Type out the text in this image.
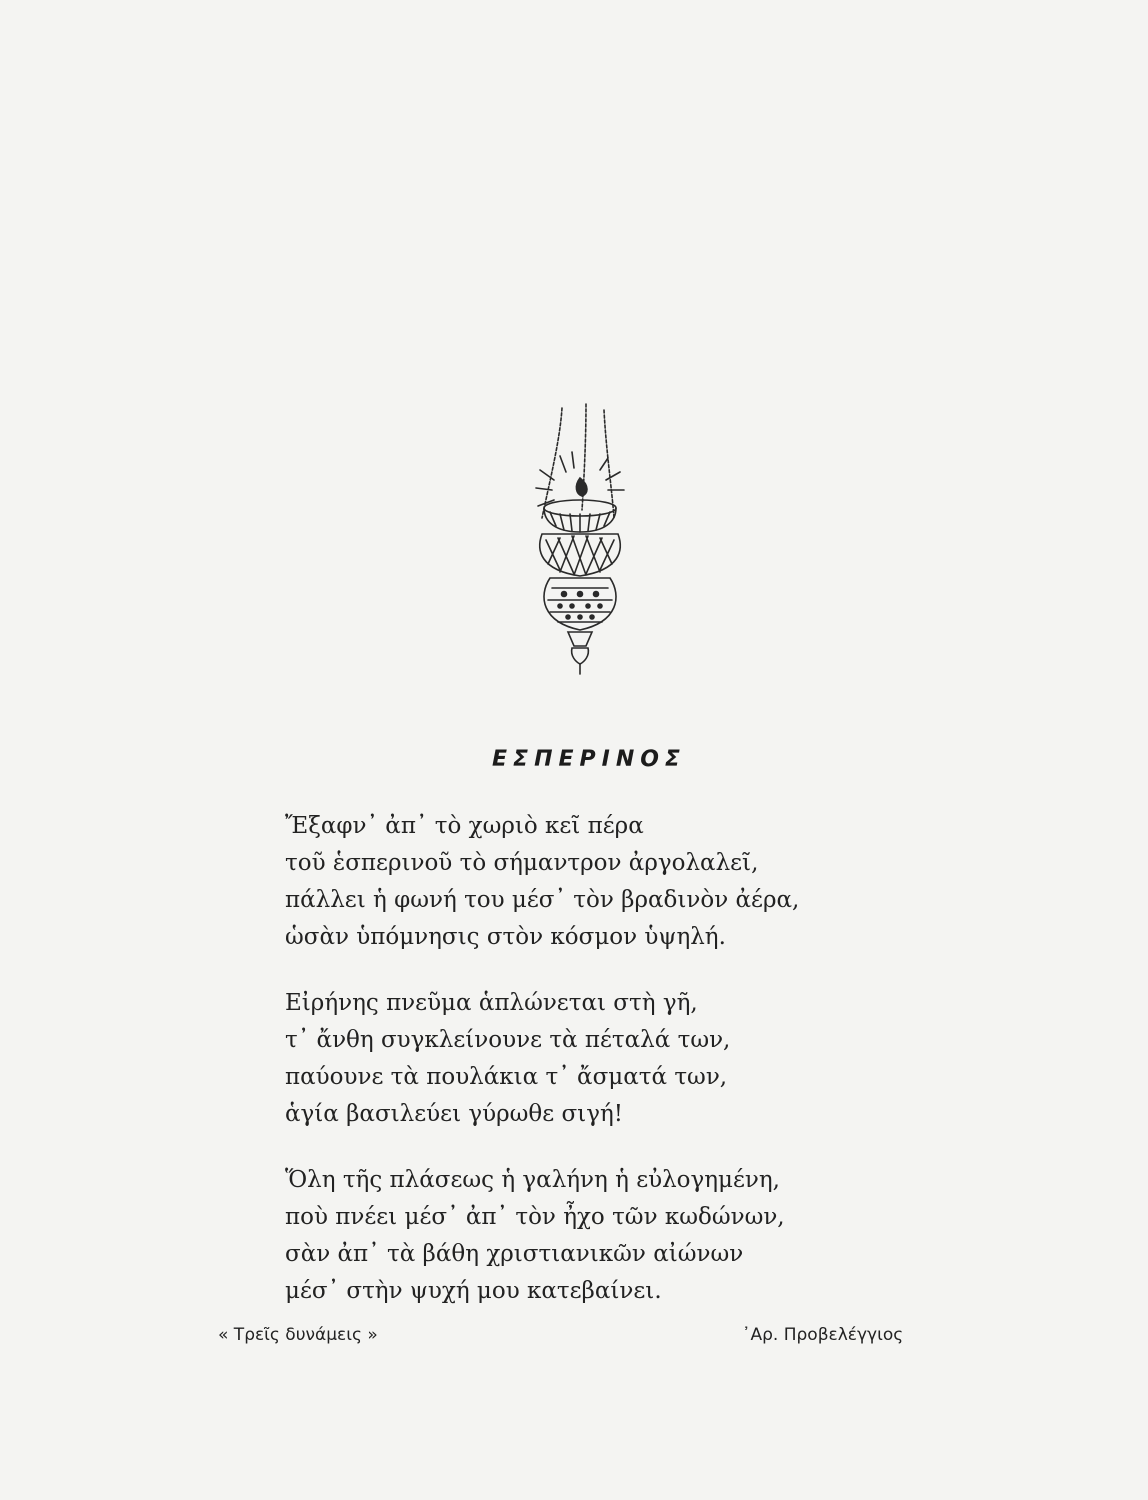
ΕΣΠΕΡΙΝΟΣ
Ἔξαφν᾽ ἀπ᾽ τὸ χωριὸ κεῖ πέρα
τοῦ ἑσπερινοῦ τὸ σήμαντρον ἀργολαλεῖ,
πάλλει ἡ φωνή του μέσ᾽ τὸν βραδινὸν ἀέρα,
ὡσὰν ὑπόμνησις στὸν κόσμον ὑψηλή.
Εἰρήνης πνεῦμα ἁπλώνεται στὴ γῆ,
τ᾽ ἄνθη συγκλείνουνε τὰ πέταλά των,
παύουνε τὰ πουλάκια τ᾽ ἄσματά των,
ἁγία βασιλεύει γύρωθε σιγή!
Ὅλη τῆς πλάσεως ἡ γαλήνη ἡ εὐλογημένη,
ποὺ πνέει μέσ᾽ ἀπ᾽ τὸν ἦχο τῶν κωδώνων,
σὰν ἀπ᾽ τὰ βάθη χριστιανικῶν αἰώνων
μέσ᾽ στὴν ψυχή μου κατεβαίνει.
« Τρεῖς δυνάμεις »	᾽Αρ. Προβελέγγιος
